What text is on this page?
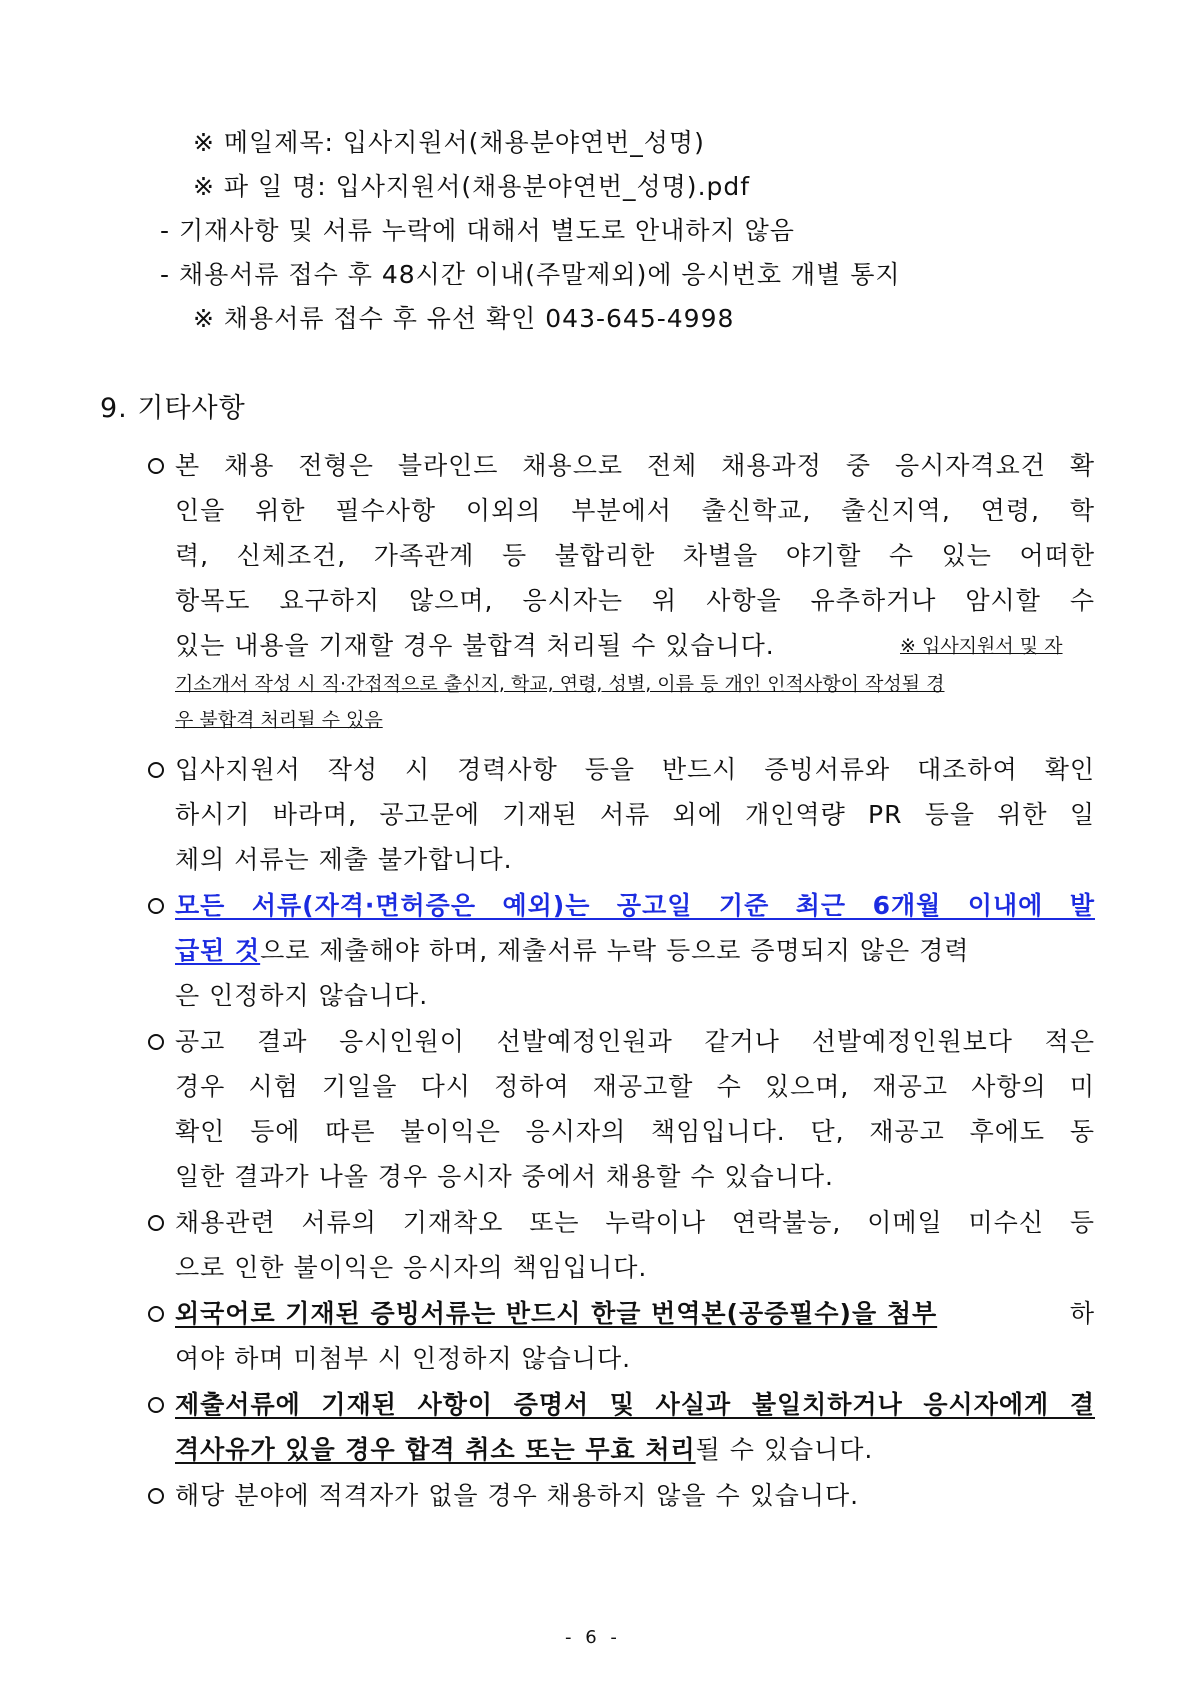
※ 메일제목: 입사지원서(채용분야연번_성명)
※ 파 일 명: 입사지원서(채용분야연번_성명).pdf
- 기재사항 및 서류 누락에 대해서 별도로 안내하지 않음
- 채용서류 접수 후 48시간 이내(주말제외)에 응시번호 개별 통지
※ 채용서류 접수 후 유선 확인 043-645-4998
9. 기타사항
본 채용 전형은 블라인드 채용으로 전체 채용과정 중 응시자격요건 확
인을 위한 필수사항 이외의 부분에서 출신학교, 출신지역, 연령, 학
력, 신체조건, 가족관계 등 불합리한 차별을 야기할 수 있는 어떠한
항목도 요구하지 않으며, 응시자는 위 사항을 유추하거나 암시할 수
있는 내용을 기재할 경우 불합격 처리될 수 있습니다.	※ 입사지원서 및 자
기소개서 작성 시 직·간접적으로 출신지, 학교, 연령, 성별, 이름 등 개인 인적사항이 작성될 경
우 불합격 처리될 수 있음
입사지원서 작성 시 경력사항 등을 반드시 증빙서류와 대조하여 확인
하시기 바라며, 공고문에 기재된 서류 외에 개인역량 PR 등을 위한 일
체의 서류는 제출 불가합니다.
모든 서류(자격·면허증은 예외)는 공고일 기준 최근 6개월 이내에 발
급된 것으로 제출해야 하며, 제출서류 누락 등으로 증명되지 않은 경력
은 인정하지 않습니다.
공고 결과 응시인원이 선발예정인원과 같거나 선발예정인원보다 적은
경우 시험 기일을 다시 정하여 재공고할 수 있으며, 재공고 사항의 미
확인 등에 따른 불이익은 응시자의 책임입니다. 단, 재공고 후에도 동
일한 결과가 나올 경우 응시자 중에서 채용할 수 있습니다.
채용관련 서류의 기재착오 또는 누락이나 연락불능, 이메일 미수신 등
으로 인한 불이익은 응시자의 책임입니다.
외국어로 기재된 증빙서류는 반드시 한글 번역본(공증필수)을 첨부	하
여야 하며 미첨부 시 인정하지 않습니다.
제출서류에 기재된 사항이 증명서 및 사실과 불일치하거나 응시자에게 결
격사유가 있을 경우 합격 취소 또는 무효 처리될 수 있습니다.
해당 분야에 적격자가 없을 경우 채용하지 않을 수 있습니다.
- 6 -
